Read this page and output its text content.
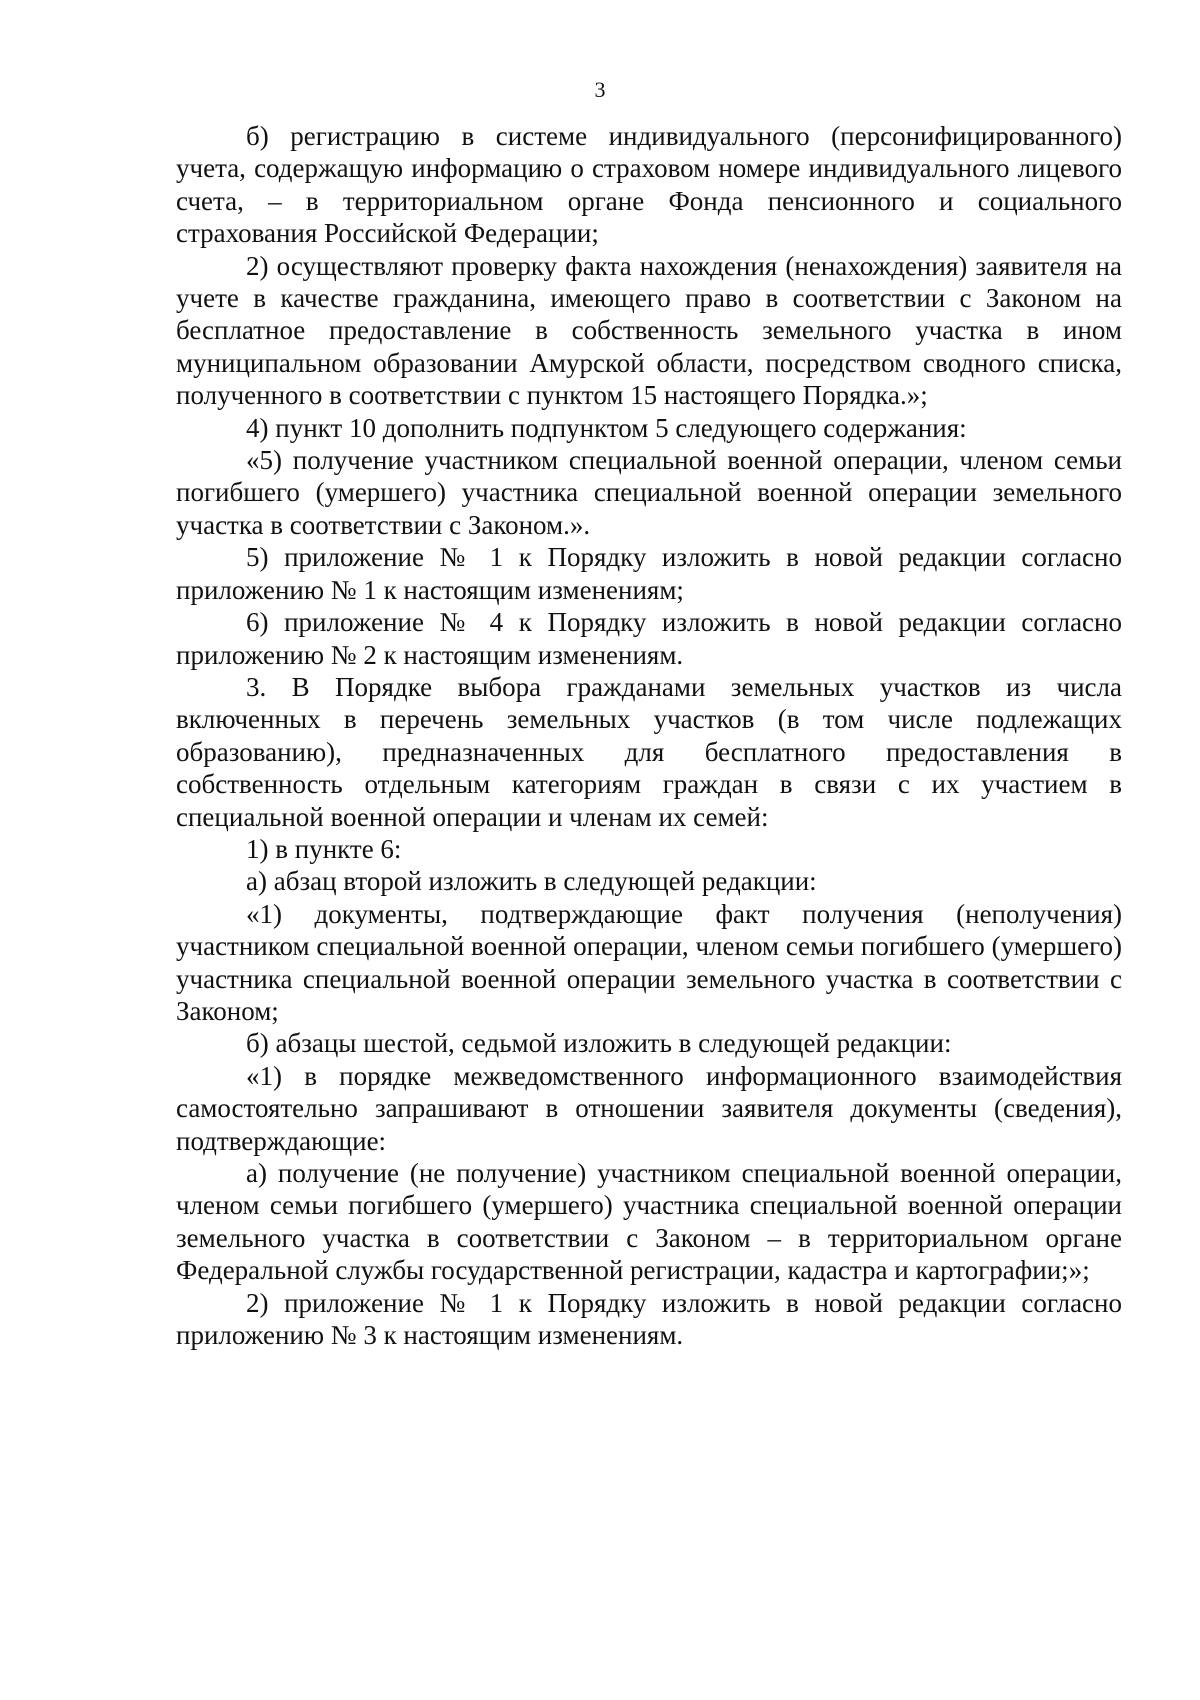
3

б) регистрацию в системе индивидуального (персонифицированного) учета, содержащую информацию о страховом номере индивидуального лицевого счета, – в территориальном органе Фонда пенсионного и социального страхования Российской Федерации;

2) осуществляют проверку факта нахождения (ненахождения) заявителя на учете в качестве гражданина, имеющего право в соответствии с Законом на бесплатное предоставление в собственность земельного участка в ином муниципальном образовании Амурской области, посредством сводного списка, полученного в соответствии с пунктом 15 настоящего Порядка.»;

4) пункт 10 дополнить подпунктом 5 следующего содержания:

«5) получение участником специальной военной операции, членом семьи погибшего (умершего) участника специальной военной операции земельного участка в соответствии с Законом.».

5) приложение № 1 к Порядку изложить в новой редакции согласно приложению № 1 к настоящим изменениям;

6) приложение № 4 к Порядку изложить в новой редакции согласно приложению № 2 к настоящим изменениям.

3. В Порядке выбора гражданами земельных участков из числа включенных в перечень земельных участков (в том числе подлежащих образованию), предназначенных для бесплатного предоставления в собственность отдельным категориям граждан в связи с их участием в специальной военной операции и членам их семей:

1) в пункте 6:

а) абзац второй изложить в следующей редакции:

«1) документы, подтверждающие факт получения (неполучения) участником специальной военной операции, членом семьи погибшего (умершего) участника специальной военной операции земельного участка в соответствии с Законом;

б) абзацы шестой, седьмой изложить в следующей редакции:

«1) в порядке межведомственного информационного взаимодействия самостоятельно запрашивают в отношении заявителя документы (сведения), подтверждающие:

а) получение (не получение) участником специальной военной операции, членом семьи погибшего (умершего) участника специальной военной операции земельного участка в соответствии с Законом – в территориальном органе Федеральной службы государственной регистрации, кадастра и картографии;»;

2) приложение № 1 к Порядку изложить в новой редакции согласно приложению № 3 к настоящим изменениям.
